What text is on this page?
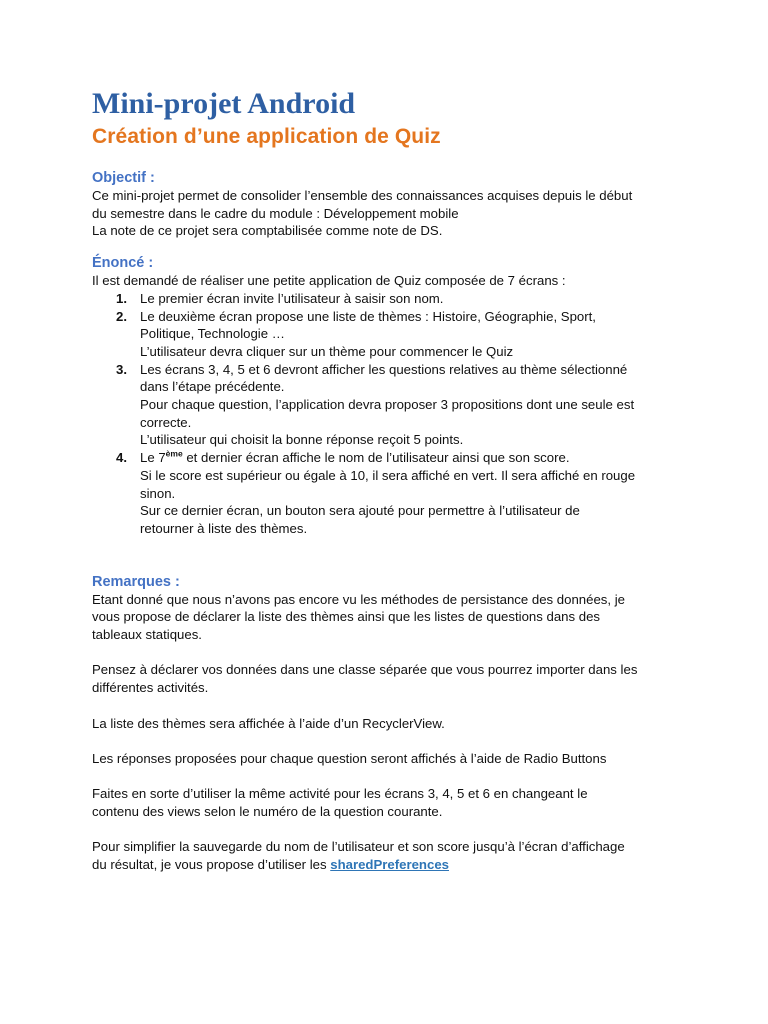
Mini-projet Android
Création d’une application de Quiz
Objectif :
Ce mini-projet permet de consolider l’ensemble des connaissances acquises depuis le début
du semestre dans le cadre du module : Développement mobile
La note de ce projet sera comptabilisée comme note de DS.
Énoncé :
Il est demandé de réaliser une petite application de Quiz composée de 7 écrans :
1. Le premier écran invite l’utilisateur à saisir son nom.
2. Le deuxième écran propose une liste de thèmes : Histoire, Géographie, Sport,
Politique, Technologie …
L’utilisateur devra cliquer sur un thème pour commencer le Quiz
3. Les écrans 3, 4, 5 et 6 devront afficher les questions relatives au thème sélectionné
dans l’étape précédente.
Pour chaque question, l’application devra proposer 3 propositions dont une seule est
correcte.
L’utilisateur qui choisit la bonne réponse reçoit 5 points.
4. Le 7ème et dernier écran affiche le nom de l’utilisateur ainsi que son score.
Si le score est supérieur ou égale à 10, il sera affiché en vert. Il sera affiché en rouge
sinon.
Sur ce dernier écran, un bouton sera ajouté pour permettre à l’utilisateur de
retourner à liste des thèmes.
Remarques :
Etant donné que nous n’avons pas encore vu les méthodes de persistance des données, je
vous propose de déclarer la liste des thèmes ainsi que les listes de questions dans des
tableaux statiques.
Pensez à déclarer vos données dans une classe séparée que vous pourrez importer dans les
différentes activités.
La liste des thèmes sera affichée à l’aide d’un RecyclerView.
Les réponses proposées pour chaque question seront affichés à l’aide de Radio Buttons
Faites en sorte d’utiliser la même activité pour les écrans 3, 4, 5 et 6 en changeant le
contenu des views selon le numéro de la question courante.
Pour simplifier la sauvegarde du nom de l’utilisateur et son score jusqu’à l’écran d’affichage
du résultat, je vous propose d’utiliser les sharedPreferences
